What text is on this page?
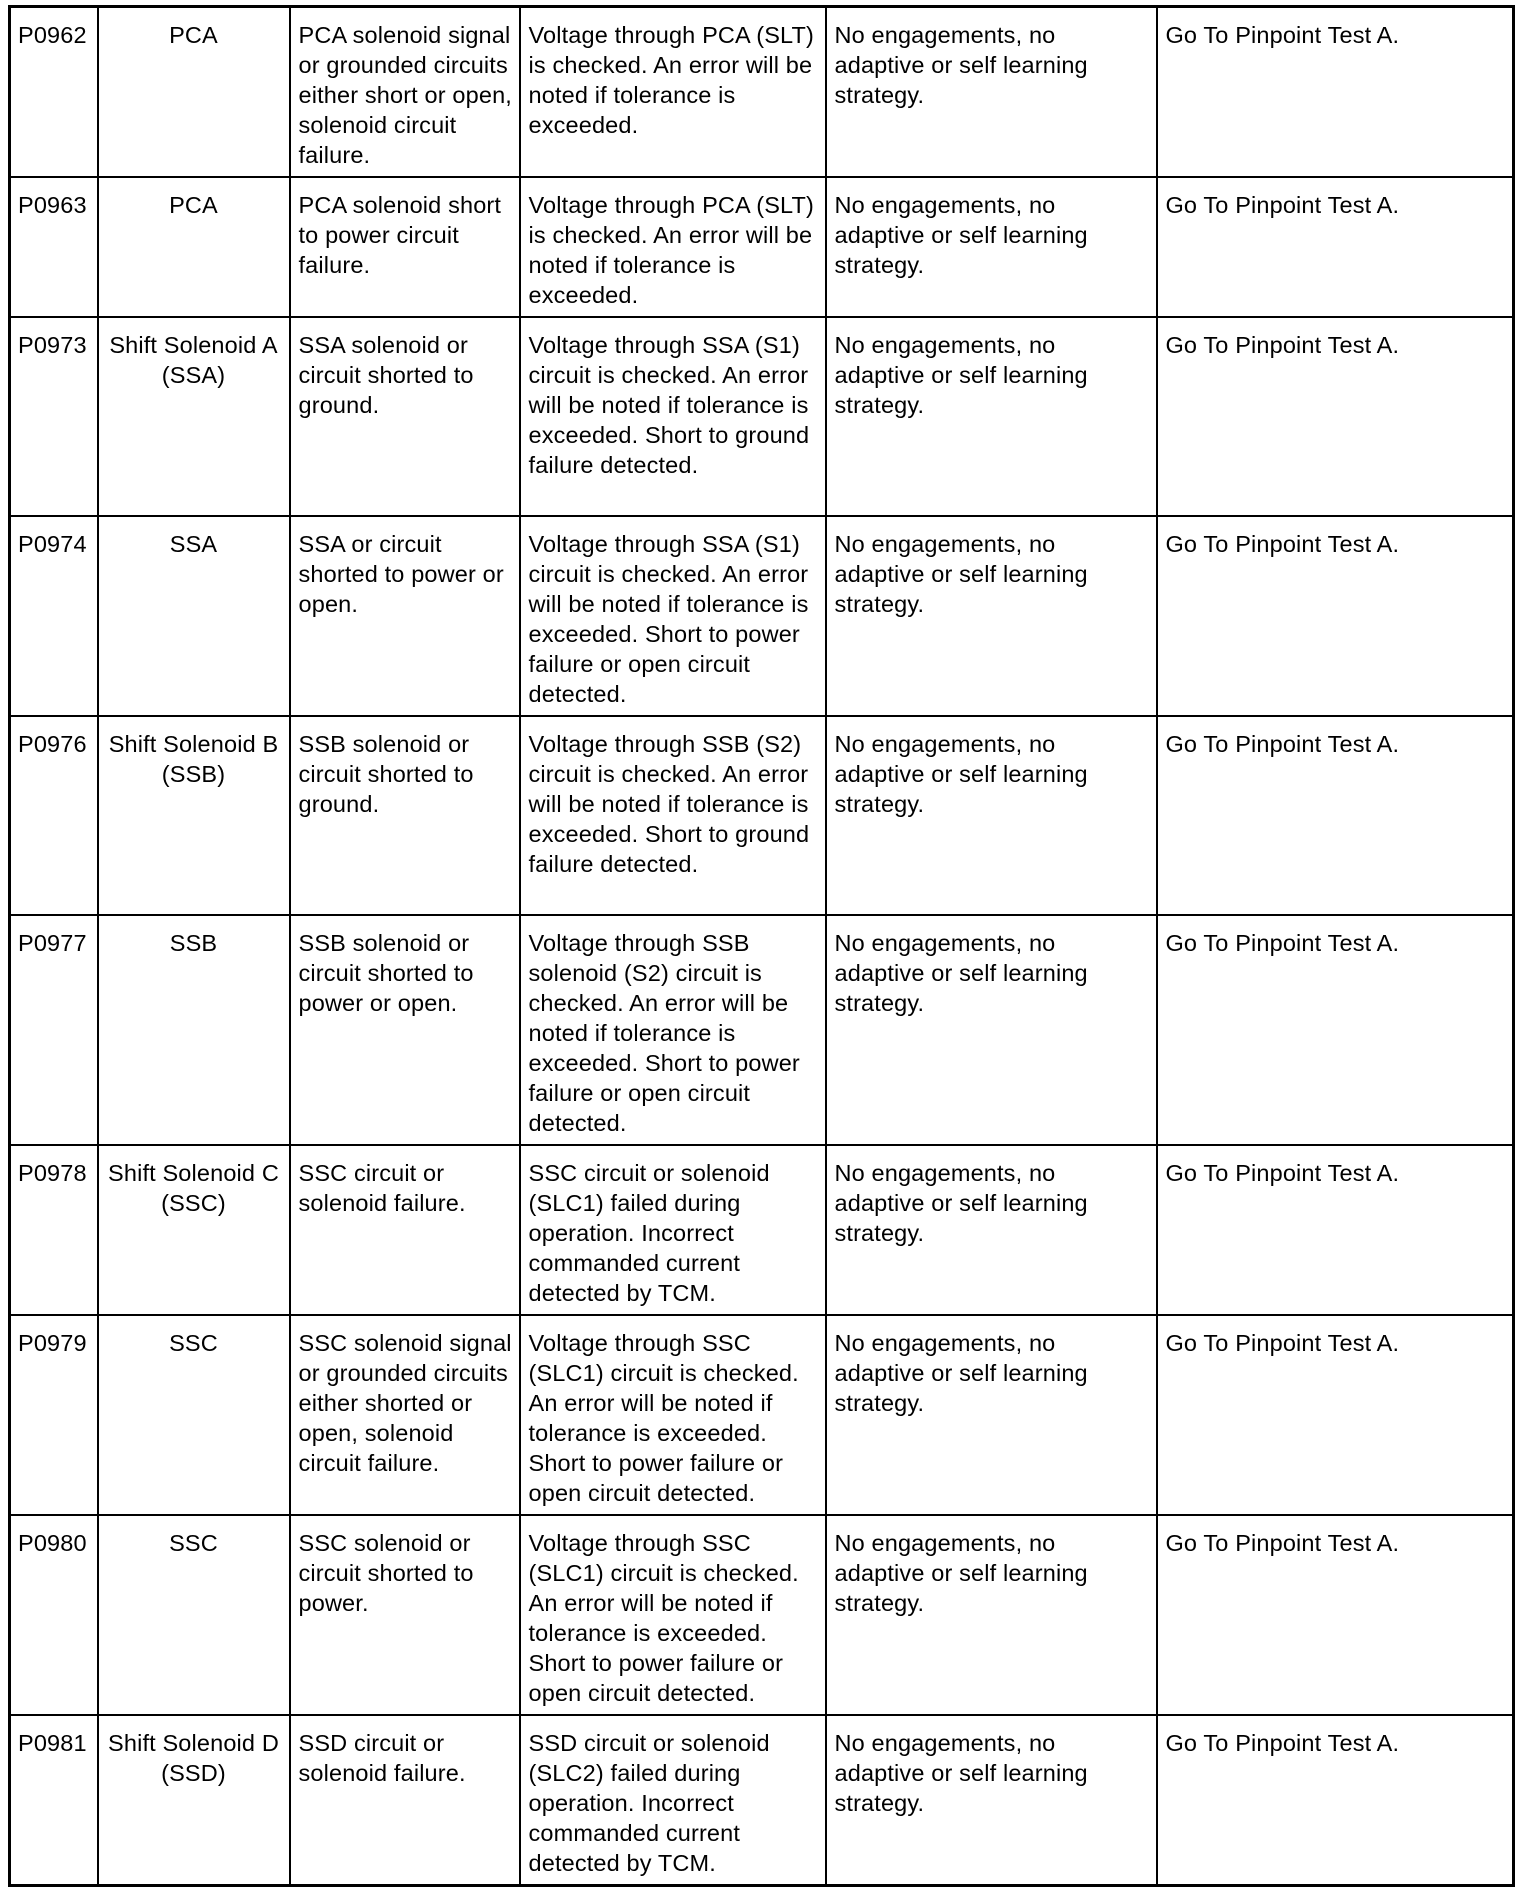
P0962	PCA	PCA solenoid signal or grounded circuits either short or open, solenoid circuit failure.	Voltage through PCA (SLT) is checked. An error will be noted if tolerance is exceeded.	No engagements, no adaptive or self learning strategy.	Go To Pinpoint Test A.
P0963	PCA	PCA solenoid short to power circuit failure.	Voltage through PCA (SLT) is checked. An error will be noted if tolerance is exceeded.	No engagements, no adaptive or self learning strategy.	Go To Pinpoint Test A.
P0973	Shift Solenoid A (SSA)	SSA solenoid or circuit shorted to ground.	Voltage through SSA (S1) circuit is checked. An error will be noted if tolerance is exceeded. Short to ground failure detected.	No engagements, no adaptive or self learning strategy.	Go To Pinpoint Test A.
P0974	SSA	SSA or circuit shorted to power or open.	Voltage through SSA (S1) circuit is checked. An error will be noted if tolerance is exceeded. Short to power failure or open circuit detected.	No engagements, no adaptive or self learning strategy.	Go To Pinpoint Test A.
P0976	Shift Solenoid B (SSB)	SSB solenoid or circuit shorted to ground.	Voltage through SSB (S2) circuit is checked. An error will be noted if tolerance is exceeded. Short to ground failure detected.	No engagements, no adaptive or self learning strategy.	Go To Pinpoint Test A.
P0977	SSB	SSB solenoid or circuit shorted to power or open.	Voltage through SSB solenoid (S2) circuit is checked. An error will be noted if tolerance is exceeded. Short to power failure or open circuit detected.	No engagements, no adaptive or self learning strategy.	Go To Pinpoint Test A.
P0978	Shift Solenoid C (SSC)	SSC circuit or solenoid failure.	SSC circuit or solenoid (SLC1) failed during operation. Incorrect commanded current detected by TCM.	No engagements, no adaptive or self learning strategy.	Go To Pinpoint Test A.
P0979	SSC	SSC solenoid signal or grounded circuits either shorted or open, solenoid circuit failure.	Voltage through SSC (SLC1) circuit is checked. An error will be noted if tolerance is exceeded. Short to power failure or open circuit detected.	No engagements, no adaptive or self learning strategy.	Go To Pinpoint Test A.
P0980	SSC	SSC solenoid or circuit shorted to power.	Voltage through SSC (SLC1) circuit is checked. An error will be noted if tolerance is exceeded. Short to power failure or open circuit detected.	No engagements, no adaptive or self learning strategy.	Go To Pinpoint Test A.
P0981	Shift Solenoid D (SSD)	SSD circuit or solenoid failure.	SSD circuit or solenoid (SLC2) failed during operation. Incorrect commanded current detected by TCM.	No engagements, no adaptive or self learning strategy.	Go To Pinpoint Test A.
